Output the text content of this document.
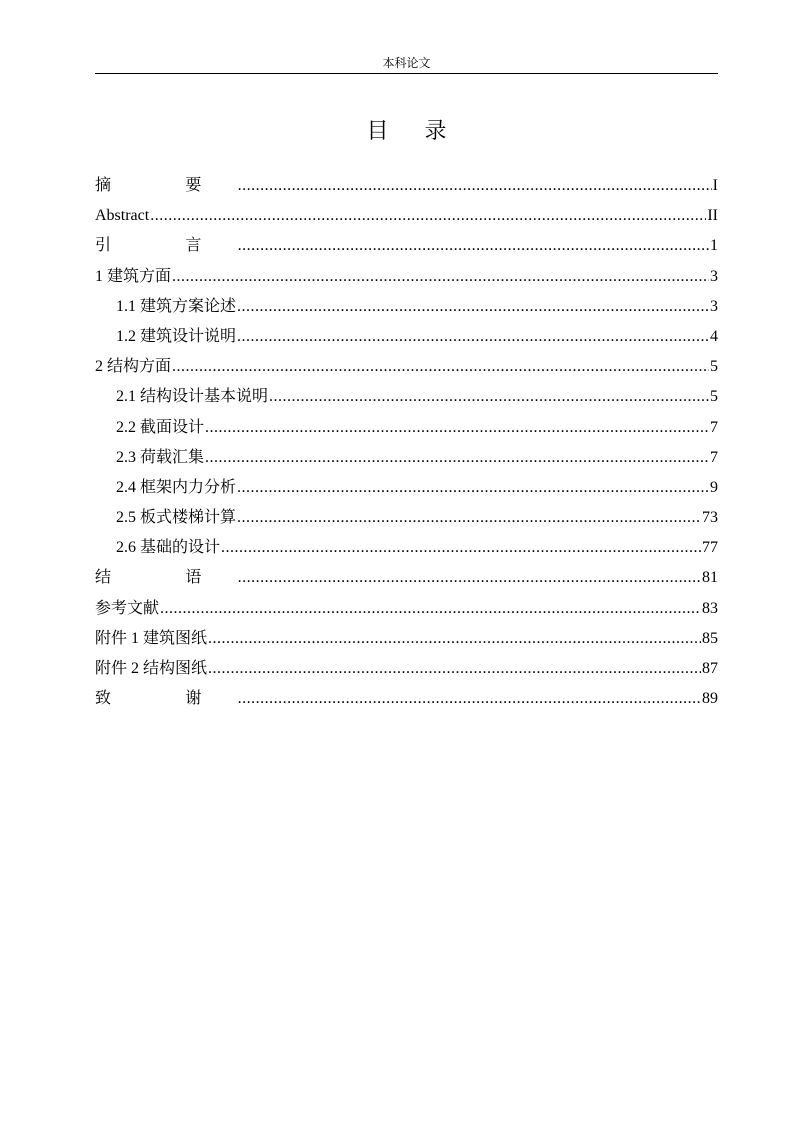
本科论文
目录
摘 要 .....	I
Abstract .....	II
引 言 .....	1
1 建筑方面 .....	3
1.1 建筑方案论述 .....	3
1.2 建筑设计说明 .....	4
2 结构方面 .....	5
2.1 结构设计基本说明 .....	5
2.2 截面设计 .....	7
2.3 荷载汇集 .....	7
2.4 框架内力分析 .....	9
2.5 板式楼梯计算 .....	73
2.6 基础的设计 .....	77
结 语 .....	81
参考文献 .....	83
附件 1 建筑图纸 .....	85
附件 2 结构图纸 .....	87
致 谢 .....	89
